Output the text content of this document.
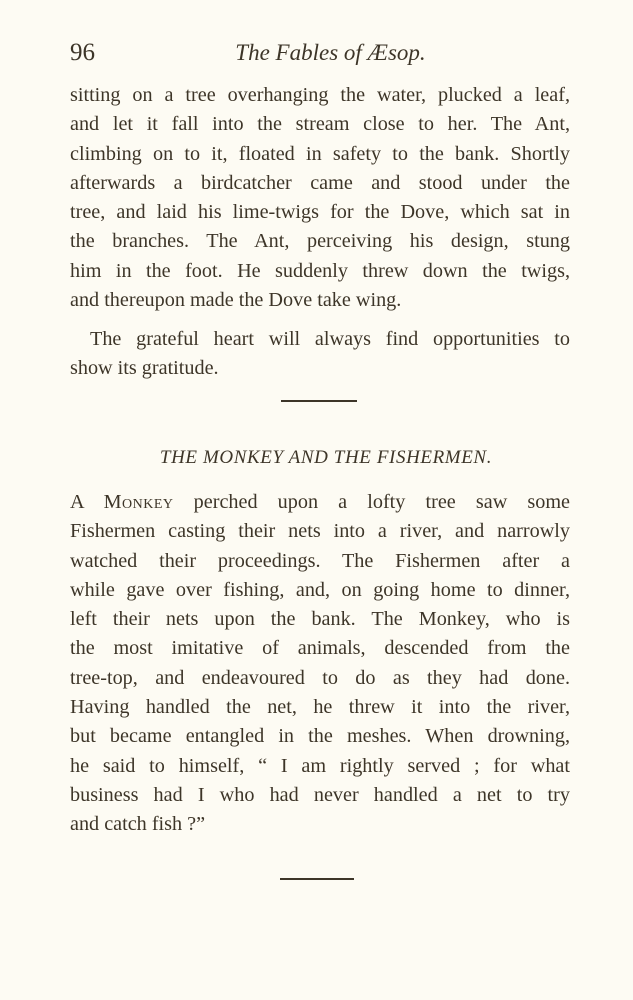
96	The Fables of Æsop.
sitting on a tree overhanging the water, plucked a leaf,
and let it fall into the stream close to her. The Ant,
climbing on to it, floated in safety to the bank. Shortly
afterwards a birdcatcher came and stood under the
tree, and laid his lime-twigs for the Dove, which sat in
the branches. The Ant, perceiving his design, stung
him in the foot. He suddenly threw down the twigs,
and thereupon made the Dove take wing.
The grateful heart will always find opportunities to
show its gratitude.
THE MONKEY AND THE FISHERMEN.
A Monkey perched upon a lofty tree saw some
Fishermen casting their nets into a river, and narrowly
watched their proceedings. The Fishermen after a
while gave over fishing, and, on going home to dinner,
left their nets upon the bank. The Monkey, who is
the most imitative of animals, descended from the
tree-top, and endeavoured to do as they had done.
Having handled the net, he threw it into the river,
but became entangled in the meshes. When drowning,
he said to himself, “ I am rightly served ; for what
business had I who had never handled a net to try
and catch fish ?”
